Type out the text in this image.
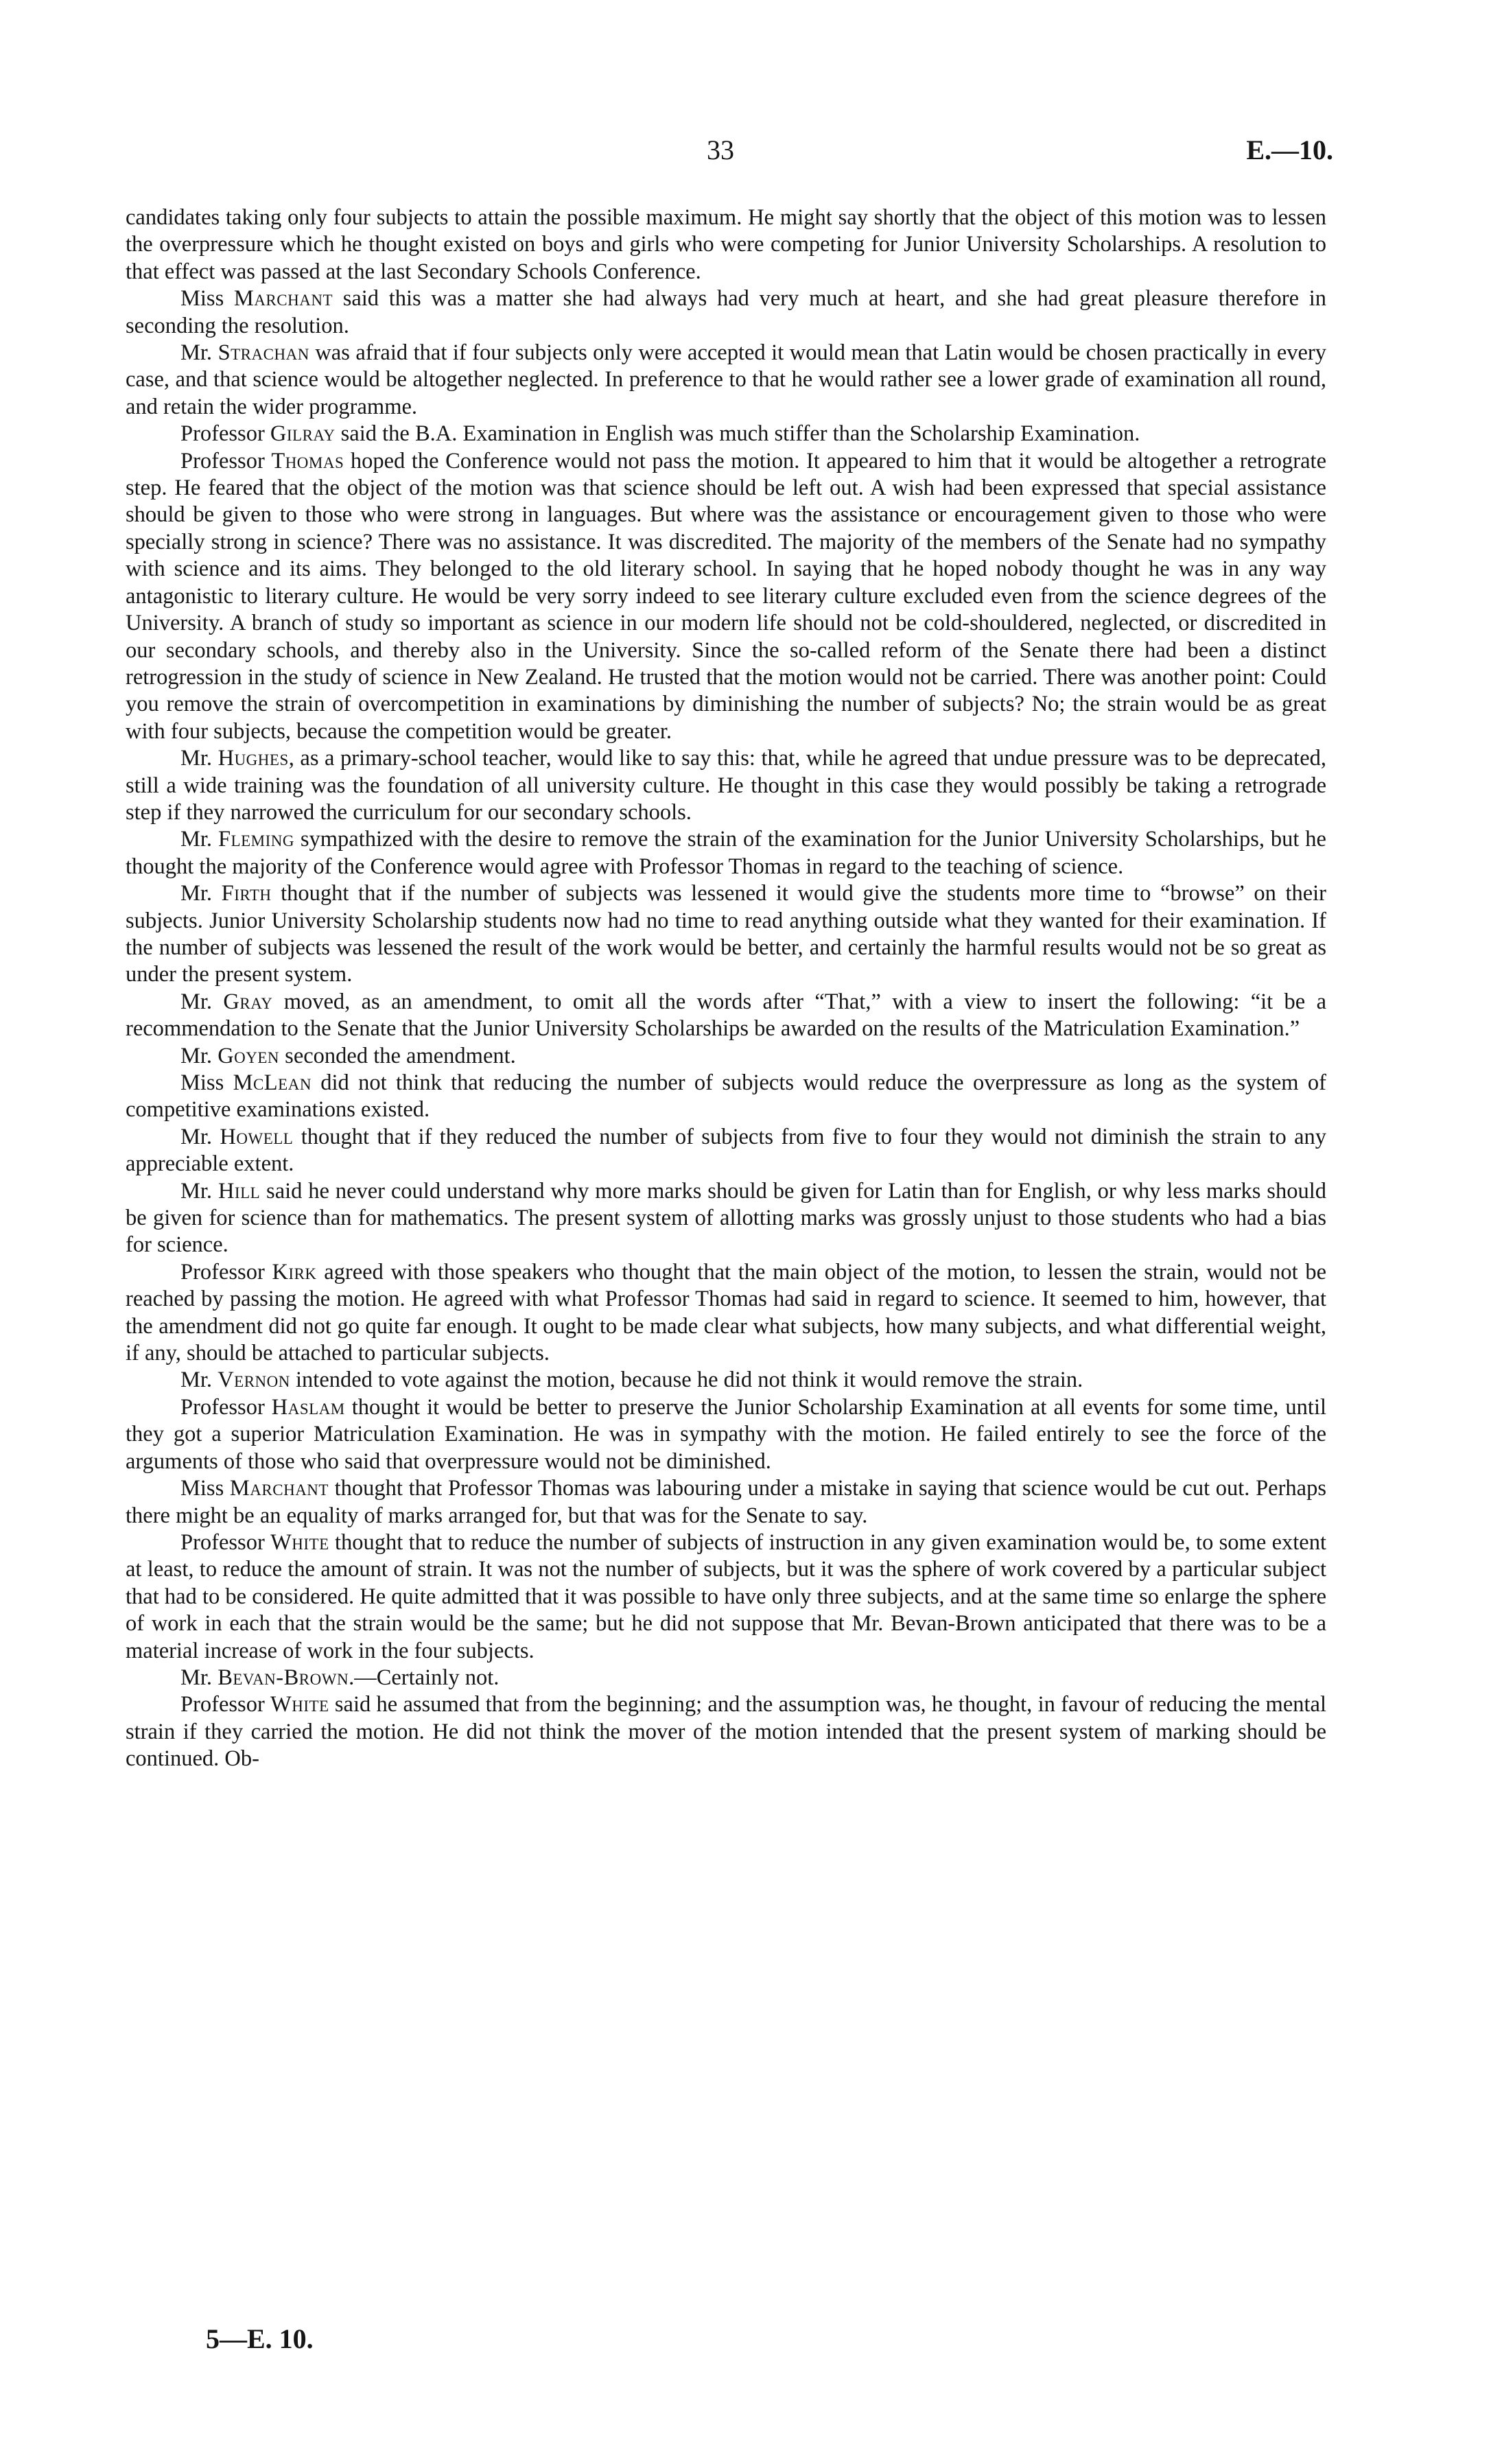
33	E.—10.

candidates taking only four subjects to attain the possible maximum. He might say shortly that the object of this motion was to lessen the overpressure which he thought existed on boys and girls who were competing for Junior University Scholarships. A resolution to that effect was passed at the last Secondary Schools Conference.

Miss Marchant said this was a matter she had always had very much at heart, and she had great pleasure therefore in seconding the resolution.

Mr. Strachan was afraid that if four subjects only were accepted it would mean that Latin would be chosen practically in every case, and that science would be altogether neglected. In preference to that he would rather see a lower grade of examination all round, and retain the wider programme.

Professor Gilray said the B.A. Examination in English was much stiffer than the Scholarship Examination.

Professor Thomas hoped the Conference would not pass the motion. It appeared to him that it would be altogether a retrograte step. He feared that the object of the motion was that science should be left out. A wish had been expressed that special assistance should be given to those who were strong in languages. But where was the assistance or encouragement given to those who were specially strong in science? There was no assistance. It was discredited. The majority of the members of the Senate had no sympathy with science and its aims. They belonged to the old literary school. In saying that he hoped nobody thought he was in any way antagonistic to literary culture. He would be very sorry indeed to see literary culture excluded even from the science degrees of the University. A branch of study so important as science in our modern life should not be cold-shouldered, neglected, or discredited in our secondary schools, and thereby also in the University. Since the so-called reform of the Senate there had been a distinct retrogression in the study of science in New Zealand. He trusted that the motion would not be carried. There was another point: Could you remove the strain of overcompetition in examinations by diminishing the number of subjects? No; the strain would be as great with four subjects, because the competition would be greater.

Mr. Hughes, as a primary-school teacher, would like to say this: that, while he agreed that undue pressure was to be deprecated, still a wide training was the foundation of all university culture. He thought in this case they would possibly be taking a retrograde step if they narrowed the curriculum for our secondary schools.

Mr. Fleming sympathized with the desire to remove the strain of the examination for the Junior University Scholarships, but he thought the majority of the Conference would agree with Professor Thomas in regard to the teaching of science.

Mr. Firth thought that if the number of subjects was lessened it would give the students more time to “browse” on their subjects. Junior University Scholarship students now had no time to read anything outside what they wanted for their examination. If the number of subjects was lessened the result of the work would be better, and certainly the harmful results would not be so great as under the present system.

Mr. Gray moved, as an amendment, to omit all the words after “That,” with a view to insert the following: “it be a recommendation to the Senate that the Junior University Scholarships be awarded on the results of the Matriculation Examination.”

Mr. Goyen seconded the amendment.

Miss McLean did not think that reducing the number of subjects would reduce the overpressure as long as the system of competitive examinations existed.

Mr. Howell thought that if they reduced the number of subjects from five to four they would not diminish the strain to any appreciable extent.

Mr. Hill said he never could understand why more marks should be given for Latin than for English, or why less marks should be given for science than for mathematics. The present system of allotting marks was grossly unjust to those students who had a bias for science.

Professor Kirk agreed with those speakers who thought that the main object of the motion, to lessen the strain, would not be reached by passing the motion. He agreed with what Professor Thomas had said in regard to science. It seemed to him, however, that the amendment did not go quite far enough. It ought to be made clear what subjects, how many subjects, and what differential weight, if any, should be attached to particular subjects.

Mr. Vernon intended to vote against the motion, because he did not think it would remove the strain.

Professor Haslam thought it would be better to preserve the Junior Scholarship Examination at all events for some time, until they got a superior Matriculation Examination. He was in sympathy with the motion. He failed entirely to see the force of the arguments of those who said that overpressure would not be diminished.

Miss Marchant thought that Professor Thomas was labouring under a mistake in saying that science would be cut out. Perhaps there might be an equality of marks arranged for, but that was for the Senate to say.

Professor White thought that to reduce the number of subjects of instruction in any given examination would be, to some extent at least, to reduce the amount of strain. It was not the number of subjects, but it was the sphere of work covered by a particular subject that had to be considered. He quite admitted that it was possible to have only three subjects, and at the same time so enlarge the sphere of work in each that the strain would be the same; but he did not suppose that Mr. Bevan-Brown anticipated that there was to be a material increase of work in the four subjects.

Mr. Bevan-Brown.—Certainly not.

Professor White said he assumed that from the beginning; and the assumption was, he thought, in favour of reducing the mental strain if they carried the motion. He did not think the mover of the motion intended that the present system of marking should be continued. Ob-

5—E. 10.
